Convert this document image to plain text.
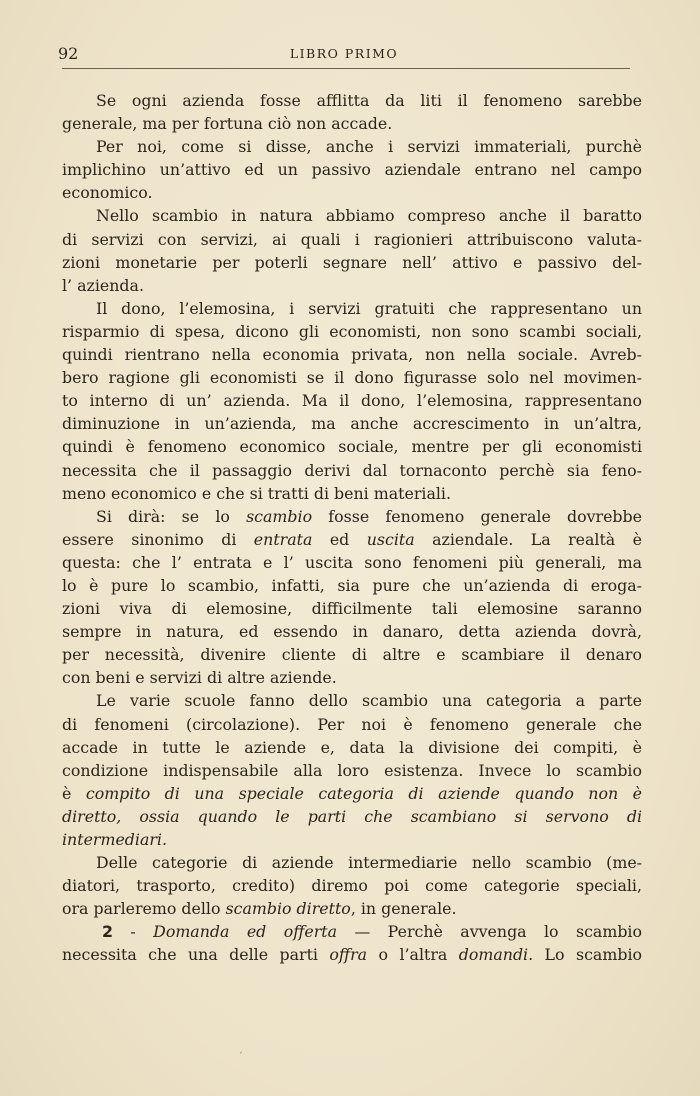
92	LIBRO PRIMO
Se ogni azienda fosse afflitta da liti il fenomeno sarebbe
generale, ma per fortuna ciò non accade.
Per noi, come si disse, anche i servizi immateriali, purchè
implichino un’attivo ed un passivo aziendale entrano nel campo
economico.
Nello scambio in natura abbiamo compreso anche il baratto
di servizi con servizi, ai quali i ragionieri attribuiscono valuta-
zioni monetarie per poterli segnare nell’ attivo e passivo del-
l’ azienda.
Il dono, l’elemosina, i servizi gratuiti che rappresentano un
risparmio di spesa, dicono gli economisti, non sono scambi sociali,
quindi rientrano nella economia privata, non nella sociale. Avreb-
bero ragione gli economisti se il dono figurasse solo nel movimen-
to interno di un’ azienda. Ma il dono, l’elemosina, rappresentano
diminuzione in un’azienda, ma anche accrescimento in un’altra,
quindi è fenomeno economico sociale, mentre per gli economisti
necessita che il passaggio derivi dal tornaconto perchè sia feno-
meno economico e che si tratti di beni materiali.
Si dirà: se lo scambio fosse fenomeno generale dovrebbe
essere sinonimo di entrata ed uscita aziendale. La realtà è
questa: che l’ entrata e l’ uscita sono fenomeni più generali, ma
lo è pure lo scambio, infatti, sia pure che un’azienda di eroga-
zioni viva di elemosine, difficilmente tali elemosine saranno
sempre in natura, ed essendo in danaro, detta azienda dovrà,
per necessità, divenire cliente di altre e scambiare il denaro
con beni e servizi di altre aziende.
Le varie scuole fanno dello scambio una categoria a parte
di fenomeni (circolazione). Per noi è fenomeno generale che
accade in tutte le aziende e, data la divisione dei compiti, è
condizione indispensabile alla loro esistenza. Invece lo scambio
è compito di una speciale categoria di aziende quando non è
diretto, ossia quando le parti che scambiano si servono di
intermediari.
Delle categorie di aziende intermediarie nello scambio (me-
diatori, trasporto, credito) diremo poi come categorie speciali,
ora parleremo dello scambio diretto, in generale.
2 - Domanda ed offerta — Perchè avvenga lo scambio
necessita che una delle parti offra o l’altra domandi. Lo scambio
´
